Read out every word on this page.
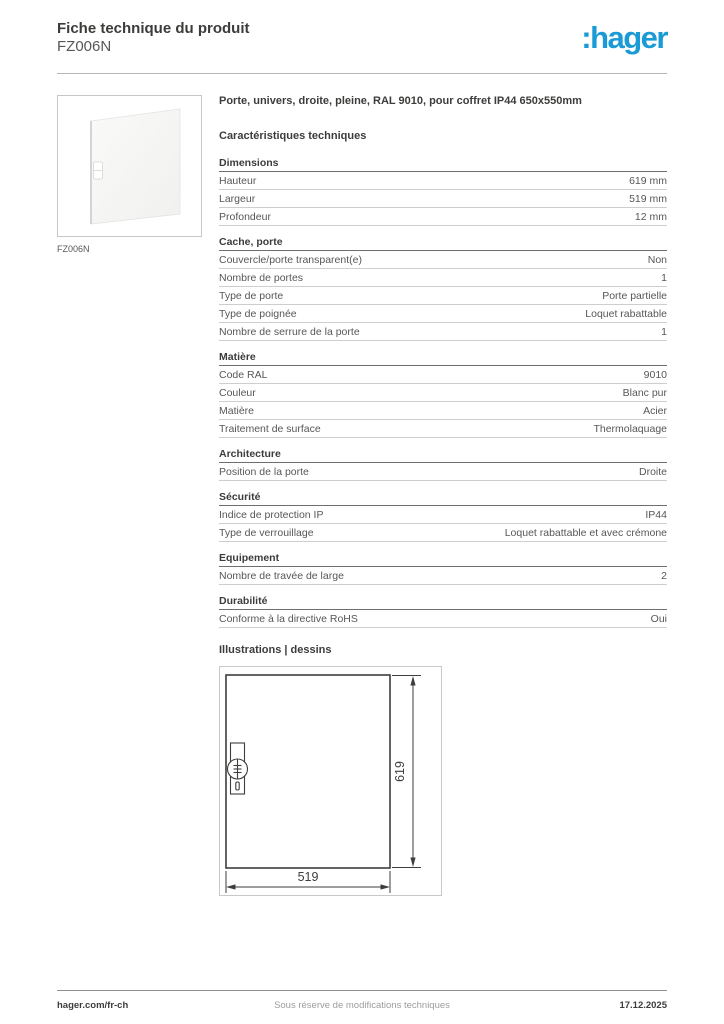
Fiche technique du produit
FZ006N	:hager
FZ006N
Porte, univers, droite, pleine, RAL 9010, pour coffret IP44 650x550mm
Caractéristiques techniques
Dimensions
Hauteur	619 mm
Largeur	519 mm
Profondeur	12 mm
Cache, porte
Couvercle/porte transparent(e)	Non
Nombre de portes	1
Type de porte	Porte partielle
Type de poignée	Loquet rabattable
Nombre de serrure de la porte	1
Matière
Code RAL	9010
Couleur	Blanc pur
Matière	Acier
Traitement de surface	Thermolaquage
Architecture
Position de la porte	Droite
Sécurité
Indice de protection IP	IP44
Type de verrouillage	Loquet rabattable et avec crémone
Equipement
Nombre de travée de large	2
Durabilité
Conforme à la directive RoHS	Oui
Illustrations | dessins
619
519
hager.com/fr-ch	Sous réserve de modifications techniques	17.12.2025
